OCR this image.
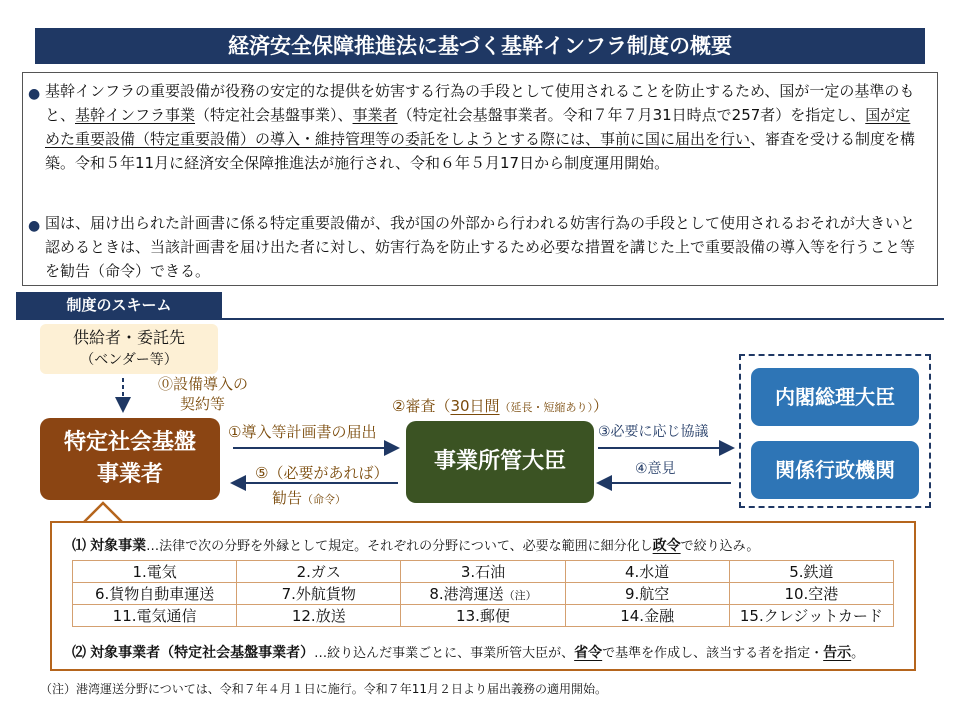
経済安全保障推進法に基づく基幹インフラ制度の概要
● 基幹インフラの重要設備が役務の安定的な提供を妨害する行為の手段として使用されることを防止するため、国が一定の基準のもと、基幹インフラ事業（特定社会基盤事業）、事業者（特定社会基盤事業者。令和７年７月31日時点で257者）を指定し、国が定めた重要設備（特定重要設備）の導入・維持管理等の委託をしようとする際には、事前に国に届出を行い、審査を受ける制度を構築。令和５年11月に経済安全保障推進法が施行され、令和６年５月17日から制度運用開始。
● 国は、届け出られた計画書に係る特定重要設備が、我が国の外部から行われる妨害行為の手段として使用されるおそれが大きいと認めるときは、当該計画書を届け出た者に対し、妨害行為を防止するため必要な措置を講じた上で重要設備の導入等を行うこと等を勧告（命令）できる。
制度のスキーム
供給者・委託先
（ベンダー等）
⓪設備導入の
契約等
特定社会基盤
事業者
①導入等計画書の届出
②審査（30日間（延長・短縮あり））
事業所管大臣
⑤（必要があれば）
勧告（命令）
③必要に応じ協議
④意見
内閣総理大臣
関係行政機関
⑴ 対象事業…法律で次の分野を外縁として規定。それぞれの分野について、必要な範囲に細分化し政令で絞り込み。
1.電気	2.ガス	3.石油	4.水道	5.鉄道
6.貨物自動車運送	7.外航貨物	8.港湾運送（注）	9.航空	10.空港
11.電気通信	12.放送	13.郵便	14.金融	15.クレジットカード
⑵ 対象事業者（特定社会基盤事業者）…絞り込んだ事業ごとに、事業所管大臣が、省令で基準を作成し、該当する者を指定・告示。
（注）港湾運送分野については、令和７年４月１日に施行。令和７年11月２日より届出義務の適用開始。
